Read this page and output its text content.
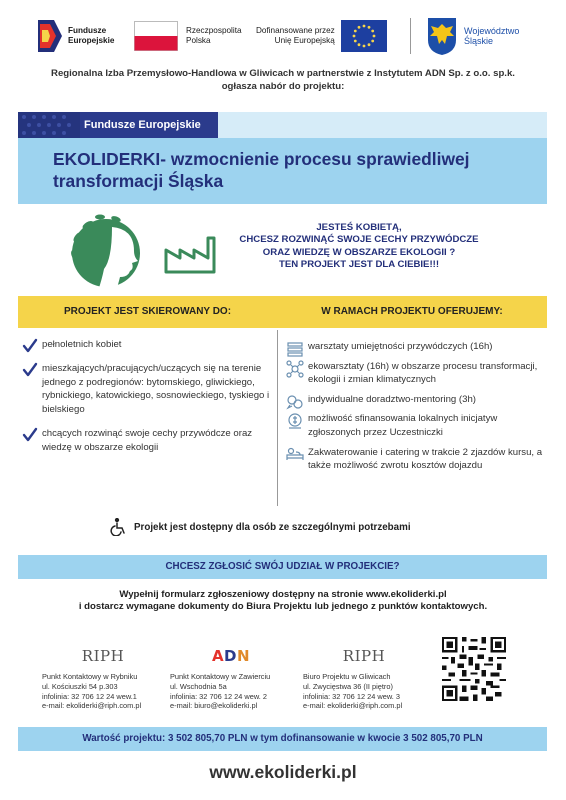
Fundusze
Europejskie
Rzeczpospolita
Polska
Dofinansowane przez
Unię Europejską
Województwo
Śląskie
Regionalna Izba Przemysłowo-Handlowa w Gliwicach w partnerstwie z Instytutem ADN Sp. z o.o. sp.k.
ogłasza nabór do projektu:
Fundusze Europejskie
EKOLIDERKI- wzmocnienie procesu sprawiedliwej transformacji Śląska
JESTEŚ KOBIETĄ,
CHCESZ ROZWINĄĆ SWOJE CECHY PRZYWÓDCZE
ORAZ WIEDZĘ W OBSZARZE EKOLOGII ?
TEN PROJEKT JEST DLA CIEBIE!!!
PROJEKT JEST SKIEROWANY DO:	W RAMACH PROJEKTU OFERUJEMY:
pełnoletnich kobiet
mieszkających/pracujących/uczących się na terenie jednego z podregionów: bytomskiego, gliwickiego, rybnickiego, katowickiego, sosnowieckiego, tyskiego i bielskiego
chcących rozwinąć swoje cechy przywódcze oraz wiedzę w obszarze ekologii
warsztaty umiejętności przywódczych (16h)
ekowarsztaty (16h) w obszarze procesu transformacji, ekologii i zmian klimatycznych
indywidualne doradztwo-mentoring (3h)
możliwość sfinansowania lokalnych inicjatyw zgłoszonych przez Uczestniczki
Zakwaterowanie i catering w trakcie 2 zjazdów kursu, a także możliwość zwrotu kosztów dojazdu
Projekt jest dostępny dla osób ze szczególnymi potrzebami
CHCESZ ZGŁOSIĆ SWÓJ UDZIAŁ W PROJEKCIE?
Wypełnij formularz zgłoszeniowy dostępny na stronie www.ekoliderki.pl
i dostarcz wymagane dokumenty do Biura Projektu lub jednego z punktów kontaktowych.
RIPH
Punkt Kontaktowy w Rybniku
ul. Kościuszki 54 p.303
infolinia: 32 706 12 24 wew.1
e-mail: ekoliderki@riph.com.pl
ADN
Punkt Kontaktowy w Zawierciu
ul. Wschodnia 5a
infolinia: 32 706 12 24 wew. 2
e-mail: biuro@ekoliderki.pl
RIPH
Biuro Projektu w Gliwicach
ul. Zwycięstwa 36 (II piętro)
infolinia: 32 706 12 24 wew. 3
e-mail: ekoliderki@riph.com.pl
Wartość projektu: 3 502 805,70 PLN w tym dofinansowanie w kwocie 3 502 805,70 PLN
www.ekoliderki.pl
